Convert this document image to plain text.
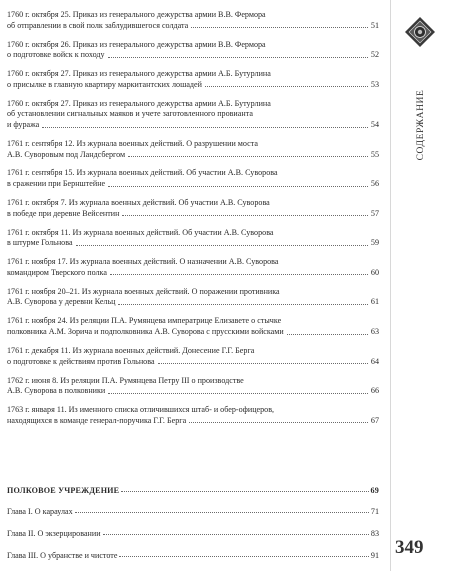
1760 г. октября 25. Приказ из генерального дежурства армии В.В. Фермора
об отправлении в свой полк заблудившегося солдата	51
1760 г. октября 26. Приказ из генерального дежурства армии В.В. Фермора
о подготовке войск к походу	52
1760 г. октября 27. Приказ из генерального дежурства армии А.Б. Бутурлина
о присылке в главную квартиру маркитантских лошадей	53
1760 г. октября 27. Приказ из генерального дежурства армии А.Б. Бутурлина
об установлении сигнальных маяков и учете заготовленного провианта
и фуража	54
1761 г. сентября 12. Из журнала военных действий. О разрушении моста
А.В. Суворовым под Ландсбергом	55
1761 г. сентября 15. Из журнала военных действий. Об участии А.В. Суворова
в сражении при Бернштейне	56
1761 г. октября 7. Из журнала военных действий. Об участии А.В. Суворова
в победе при деревне Вейсентин	57
1761 г. октября 11. Из журнала военных действий. Об участии А.В. Суворова
в штурме Гольнова	59
1761 г. ноября 17. Из журнала военных действий. О назначении А.В. Суворова
командиром Тверского полка	60
1761 г. ноября 20–21. Из журнала военных действий. О поражении противника
А.В. Суворова у деревни Кельц	61
1761 г. ноября 24. Из реляции П.А. Румянцева императрице Елизавете о стычке
полковника А.М. Зорича и подполковника А.В. Суворова с прусскими войсками	63
1761 г. декабря 11. Из журнала военных действий. Донесение Г.Г. Берга
о подготовке к действиям против Гольнова	64
1762 г. июня 8. Из реляции П.А. Румянцева Петру III о производстве
А.В. Суворова в полковники	66
1763 г. января 11. Из именного списка отличившихся штаб- и обер-офицеров,
находящихся в команде генерал-поручика Г.Г. Берга	67
ПОЛКОВОЕ УЧРЕЖДЕНИЕ	69
Глава I. О караулах	71
Глава II. О экзерцировании	83
Глава III. О убранстве и чистоте	91
СОДЕРЖАНИЕ
349
